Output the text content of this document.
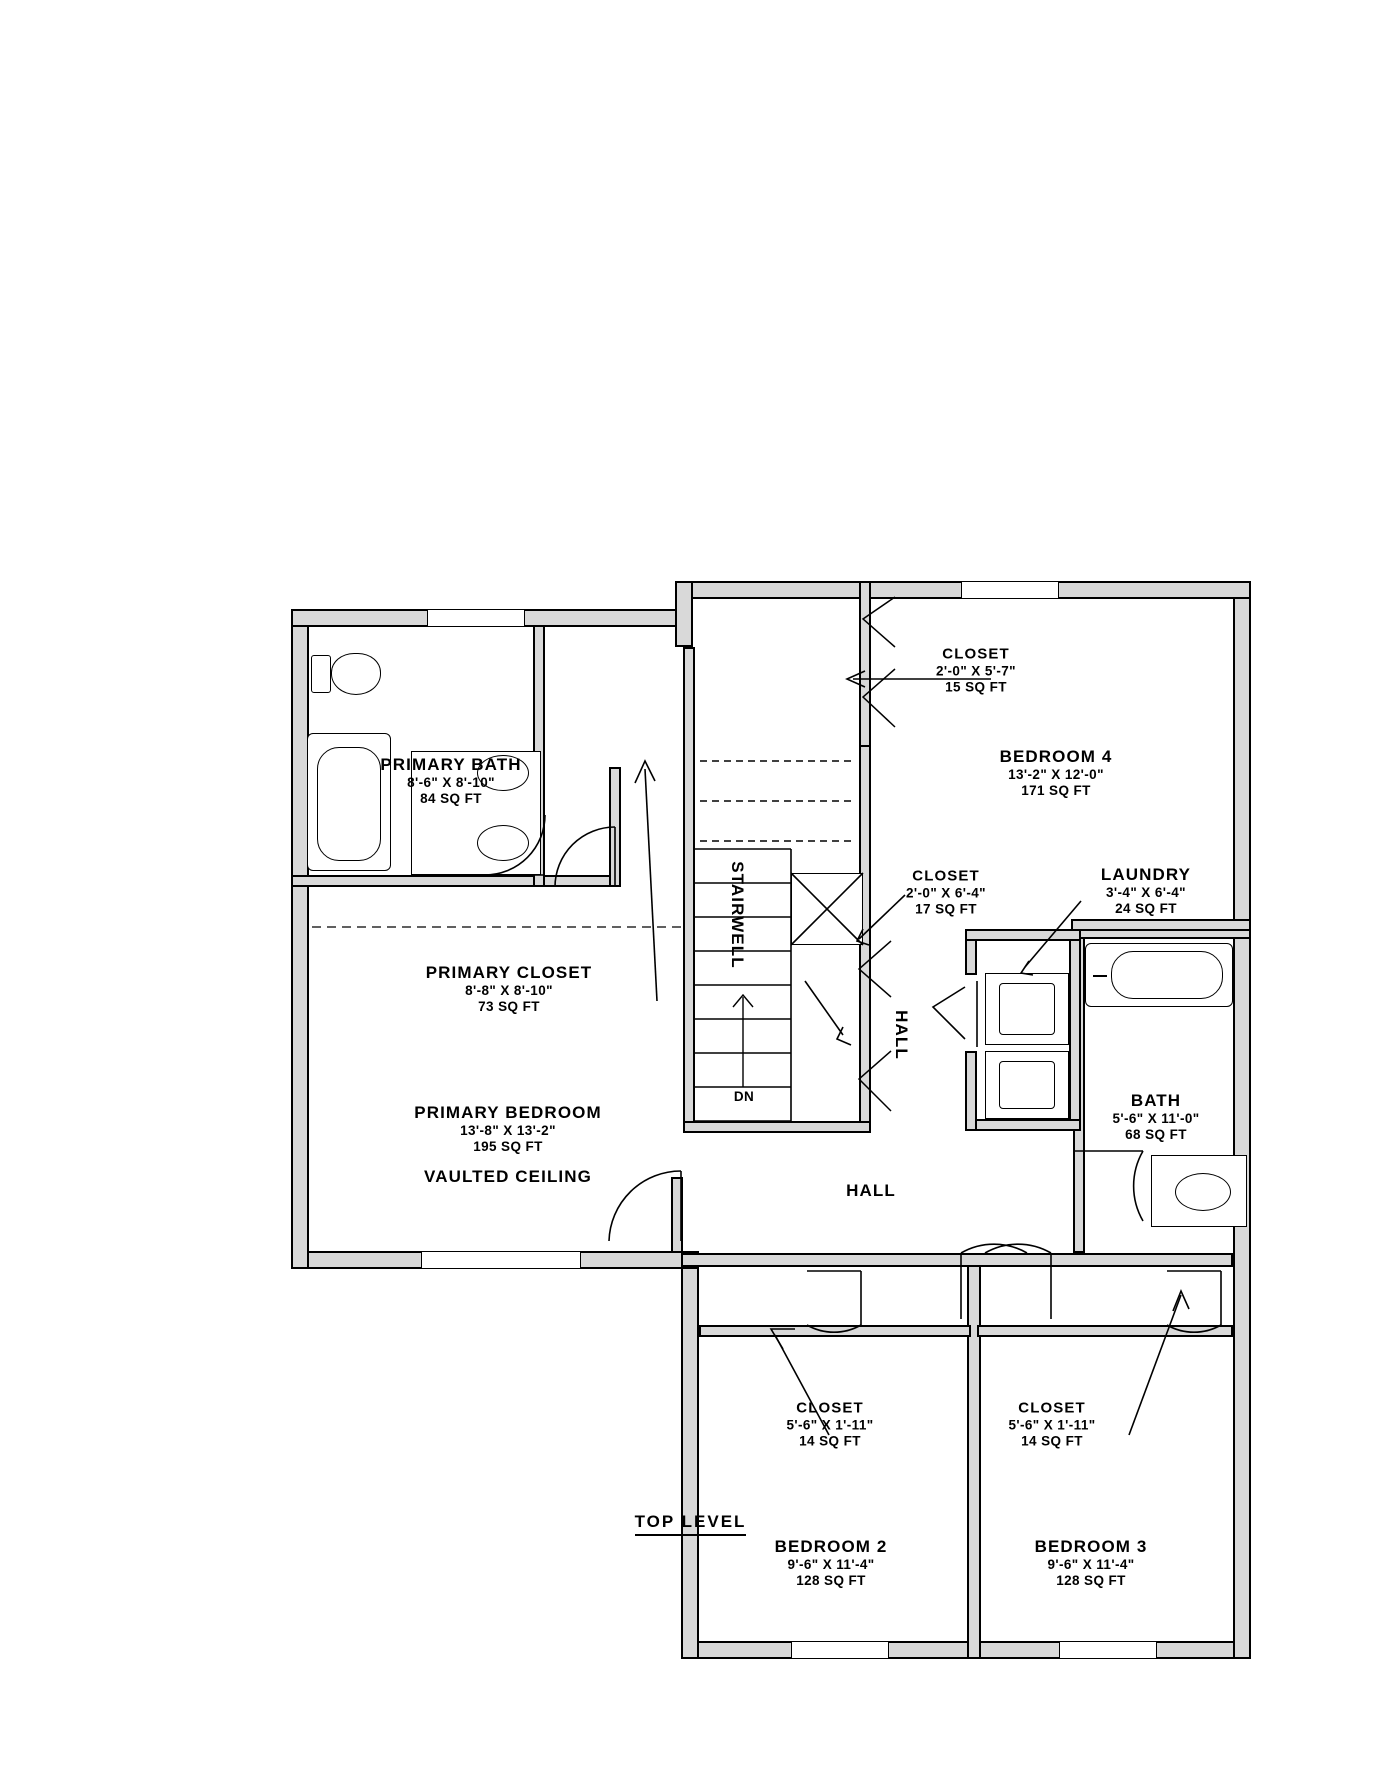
BEDROOM 3
9'-6" X 11'-4"
128 SQ FT
BEDROOM 2
9'-6" X 11'-4"
128 SQ FT
CLOSET
5'-6" X 1'-11"
14 SQ FT
CLOSET
5'-6" X 1'-11"
14 SQ FT
HALL
HALL
BATH
5'-6" X 11'-0"
68 SQ FT
LAUNDRY
3'-4" X 6'-4"
24 SQ FT
CLOSET
2'-0" X 6'-4"
17 SQ FT
BEDROOM 4
13'-2" X 12'-0"
171 SQ FT
CLOSET
2'-0" X 5'-7"
15 SQ FT
PRIMARY BEDROOM
13'-8" X 13'-2"
195 SQ FT
VAULTED CEILING
PRIMARY CLOSET
8'-8" X 8'-10"
73 SQ FT
PRIMARY BATH
8'-6" X 8'-10"
84 SQ FT
STAIRWELL
DN
TOP LEVEL
